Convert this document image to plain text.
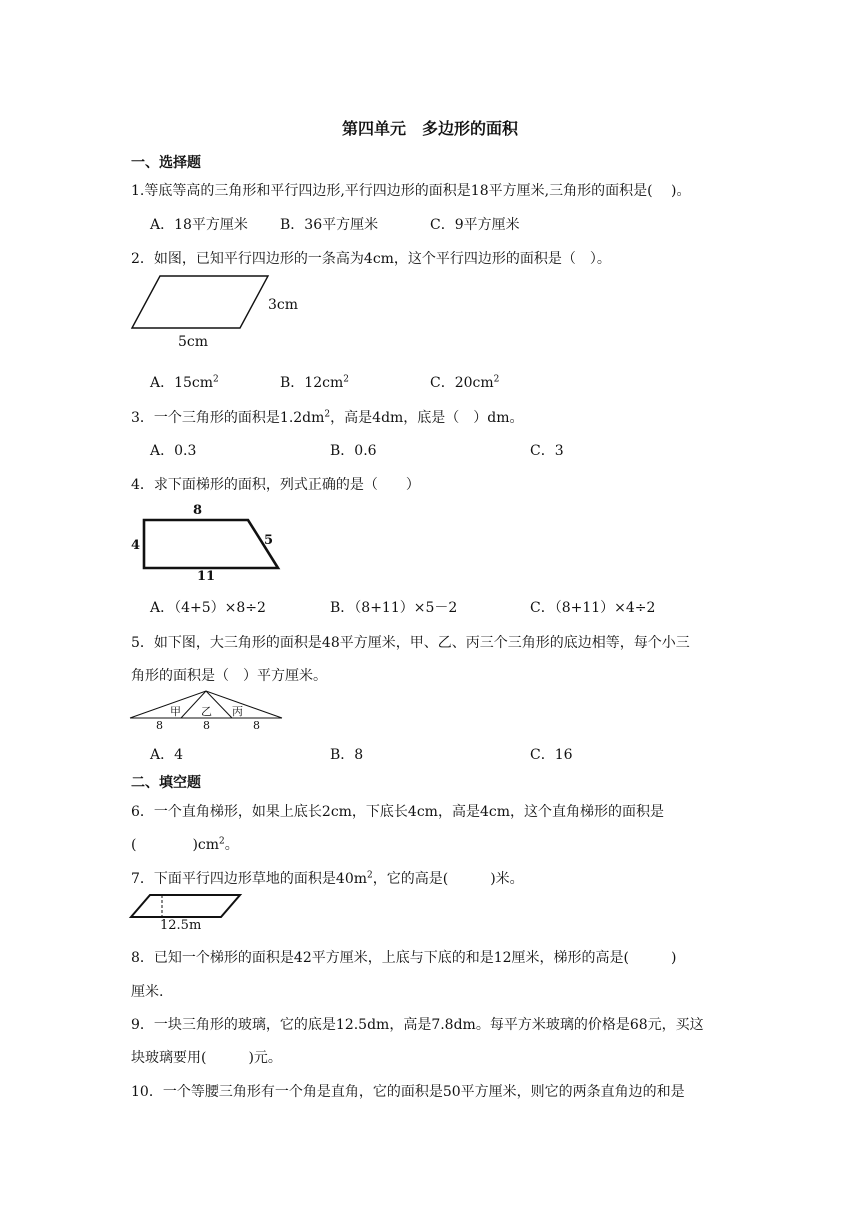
第四单元　多边形的面积
一、选择题
1.等底等高的三角形和平行四边形,平行四边形的面积是18平方厘米,三角形的面积是(　 )。
A．18平方厘米 B．36平方厘米	C．9平方厘米
2．如图，已知平行四边形的一条高为4cm，这个平行四边形的面积是（　）。
3cm
5cm
A．$15cm^2$	B．$12cm^2$	C．$20cm^2$
3．一个三角形的面积是$1.2dm^2$，高是4dm，底是（　）dm。
A．0.3	B．0.6	C．3
4．求下面梯形的面积，列式正确的是（　　）
8
4	5
11
A．（4+5）×8÷2	B．（8+11）×5－2	C．（8+11）×4÷2
5．如下图，大三角形的面积是48平方厘米，甲、乙、丙三个三角形的底边相等，每个小三
角形的面积是（　）平方厘米。
甲 乙 丙
8	8	8
A．4	B．8	C．16
二、填空题
6．一个直角梯形，如果上底长2cm，下底长4cm，高是4cm，这个直角梯形的面积是
(　　　　)$cm^2$。
7．下面平行四边形草地的面积是$40m^2$，它的高是(　　　)米。
12.5m
8．已知一个梯形的面积是42平方厘米，上底与下底的和是12厘米，梯形的高是(　　　)
厘米.
9．一块三角形的玻璃，它的底是12.5dm，高是7.8dm。每平方米玻璃的价格是68元，买这
块玻璃要用(　　　)元。
10．一个等腰三角形有一个角是直角，它的面积是50平方厘米，则它的两条直角边的和是
